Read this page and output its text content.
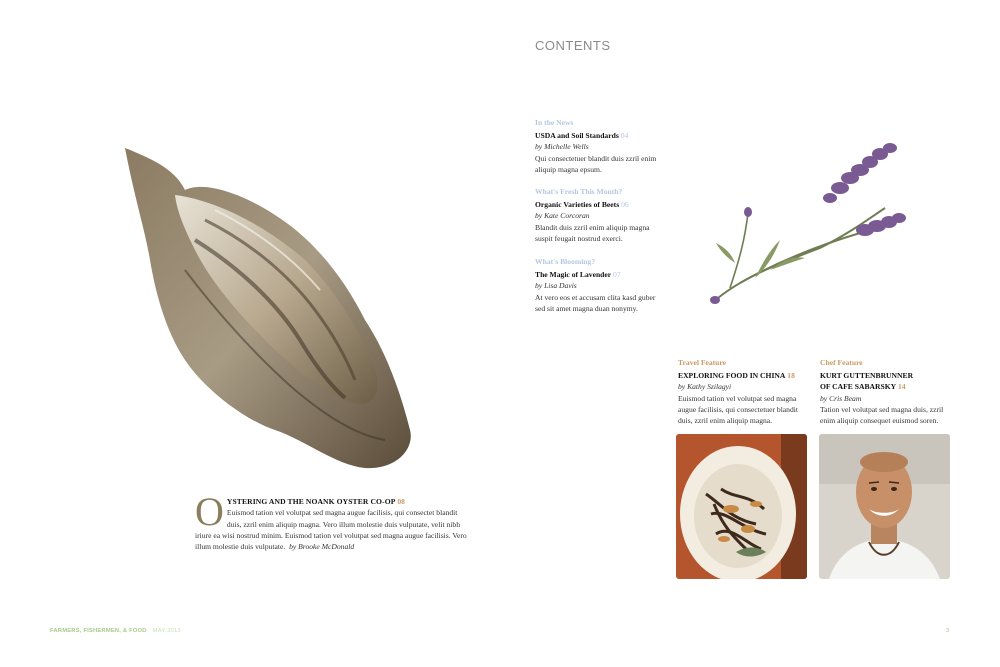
CONTENTS
In the News
USDA and Soil Standards 04
by Michelle Wells
Qui consectetuer blandit duis zzril enim aliquip magna epsum.
What's Fresh This Month?
Organic Varieties of Beets 06
by Kate Corcoran
Blandit duis zzril enim aliquip magna suspit feugait nostrud exerci.
What's Blooming?
The Magic of Lavender 07
by Lisa Davis
At vero eos et accusam clita kasd guber sed sit amet magna duan nonymy.
Travel Feature
EXPLORING FOOD IN CHINA 18
by Kathy Szilagyi
Euismod tation vel volutpat sed magna augue facilisis, qui consectetuer blandit duis, zzril enim aliquip magna.
Chef Feature
KURT GUTTENBRUNNER
OF CAFE SABARSKY 14
by Cris Beam
Tation vel volutpat sed magna duis, zzril enim aliquip consequet euismod soren.
O YSTERING AND THE NOANK OYSTER CO-OP 08
Euismod tation vel volutpat sed magna augue facilisis, qui consectet blandit duis, zzril enim aliquip magna. Vero illum molestie duis vulputate, velit nibh iriure ea wisi nostrud minim. Euismod tation vel volutpat sed magna augue facilisis. Vero illum molestie duis vulputate. by Brooke McDonald
FARMERS, FISHERMEN, & FOOD MAY 2013	3
